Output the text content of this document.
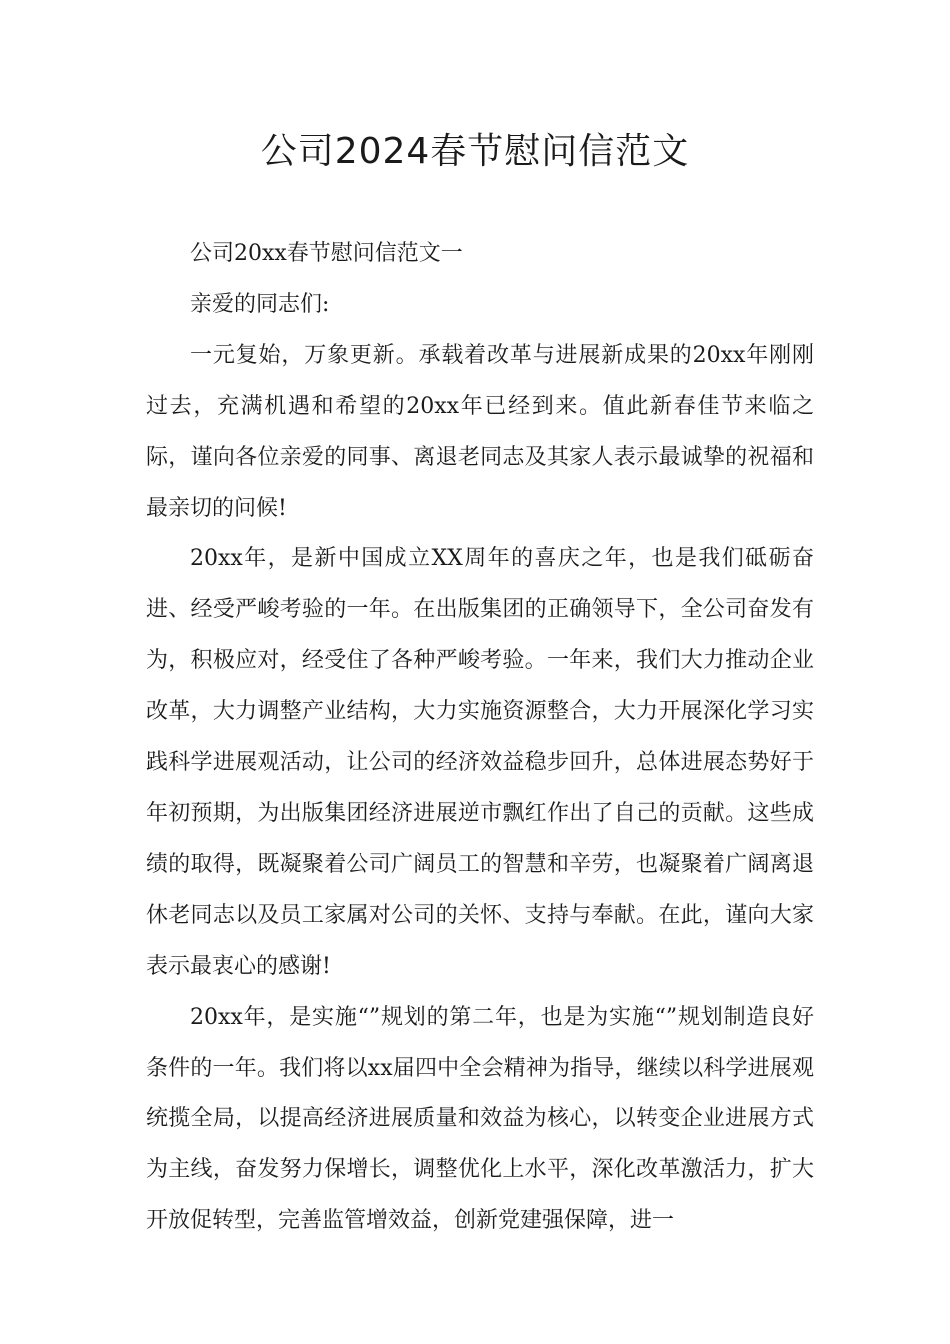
公司2024春节慰问信范文

公司20xx春节慰问信范文一

亲爱的同志们:

一元复始，万象更新。承载着改革与进展新成果的20xx年刚刚过去，充满机遇和希望的20xx年已经到来。值此新春佳节来临之际，谨向各位亲爱的同事、离退老同志及其家人表示最诚挚的祝福和最亲切的问候!

20xx年，是新中国成立XX周年的喜庆之年，也是我们砥砺奋进、经受严峻考验的一年。在出版集团的正确领导下，全公司奋发有为，积极应对，经受住了各种严峻考验。一年来，我们大力推动企业改革，大力调整产业结构，大力实施资源整合，大力开展深化学习实践科学进展观活动，让公司的经济效益稳步回升，总体进展态势好于年初预期，为出版集团经济进展逆市飘红作出了自己的贡献。这些成绩的取得，既凝聚着公司广阔员工的智慧和辛劳，也凝聚着广阔离退休老同志以及员工家属对公司的关怀、支持与奉献。在此，谨向大家表示最衷心的感谢!

20xx年，是实施“”规划的第二年，也是为实施“”规划制造良好条件的一年。我们将以xx届四中全会精神为指导，继续以科学进展观统揽全局，以提高经济进展质量和效益为核心，以转变企业进展方式为主线，奋发努力保增长，调整优化上水平，深化改革激活力，扩大开放促转型，完善监管增效益，创新党建强保障，进一
